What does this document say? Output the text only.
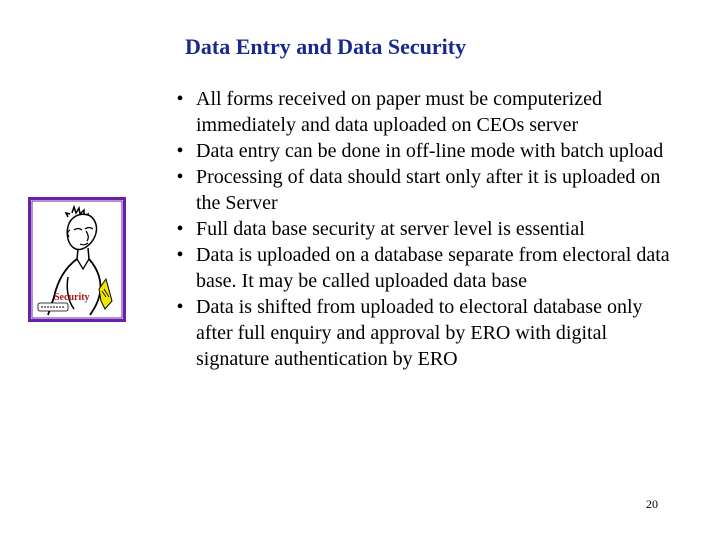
Data Entry and Data Security
Security
• All forms received on paper must be computerized immediately and data uploaded on CEOs server
• Data entry can be done in off-line mode with batch upload
• Processing of data should start only after it is uploaded on the Server
• Full data base security at server level is essential
• Data is uploaded on a database separate from electoral data base. It may be called uploaded data base
• Data is shifted from uploaded to electoral database only after full enquiry and approval by ERO with digital signature authentication by ERO
20
